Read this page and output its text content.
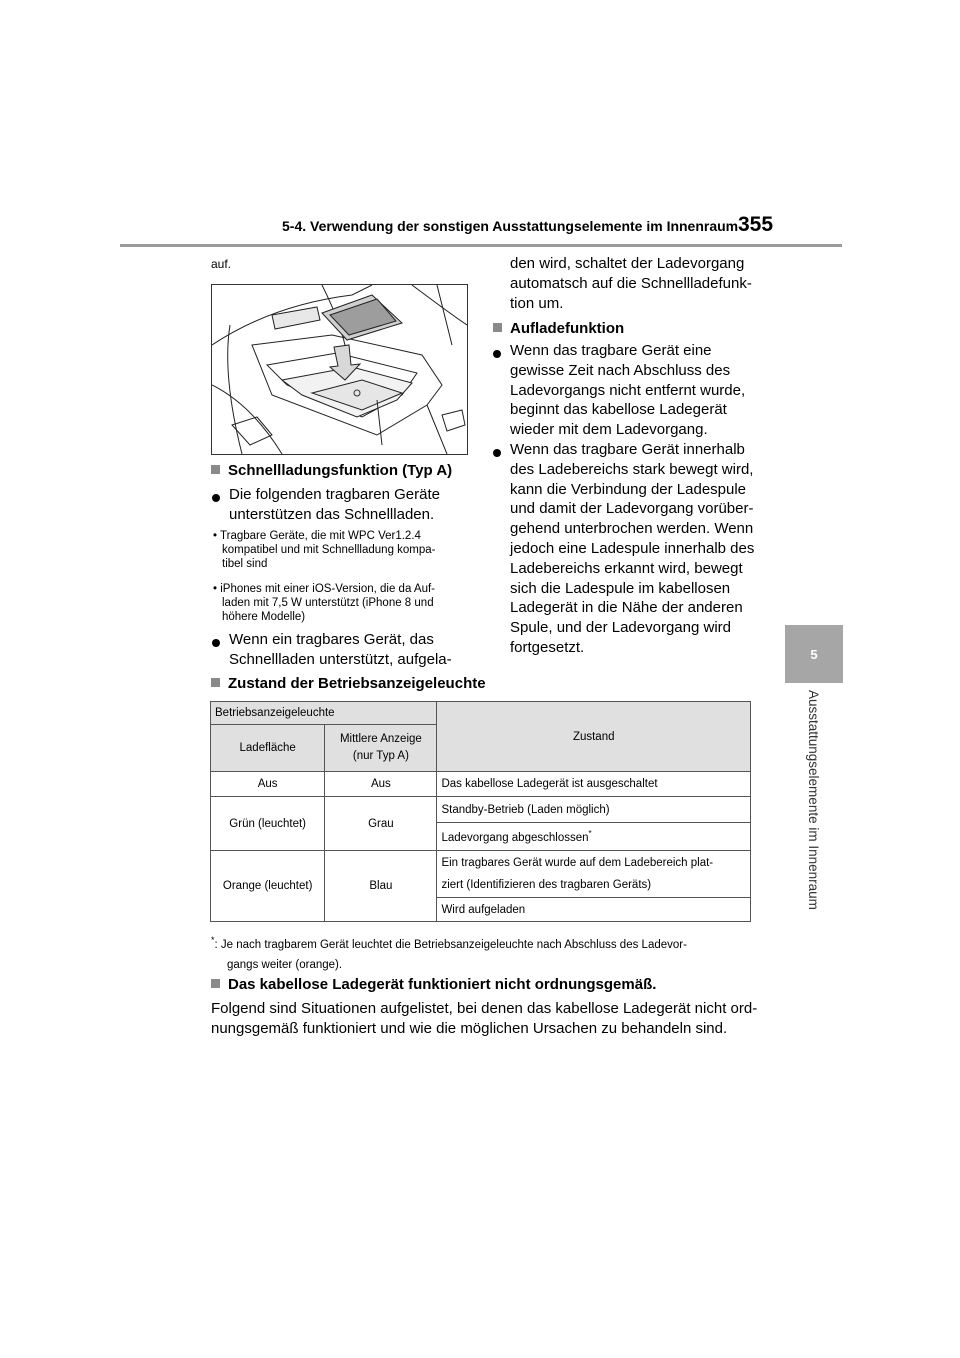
5-4. Verwendung der sonstigen Ausstattungselemente im Innenraum 355
5
Ausstattungselemente im Innenraum
auf.
Schnellladungsfunktion (Typ A)
Die folgenden tragbaren Geräte
unterstützen das Schnellladen.
• Tragbare Geräte, die mit WPC Ver1.2.4
kompatibel und mit Schnellladung kompa-
tibel sind
• iPhones mit einer iOS-Version, die da Auf-
laden mit 7,5 W unterstützt (iPhone 8 und
höhere Modelle)
Wenn ein tragbares Gerät, das
Schnellladen unterstützt, aufgela-
den wird, schaltet der Ladevorgang
automatsch auf die Schnellladefunk-
tion um.
Aufladefunktion
Wenn das tragbare Gerät eine
gewisse Zeit nach Abschluss des
Ladevorgangs nicht entfernt wurde,
beginnt das kabellose Ladegerät
wieder mit dem Ladevorgang.
Wenn das tragbare Gerät innerhalb
des Ladebereichs stark bewegt wird,
kann die Verbindung der Ladespule
und damit der Ladevorgang vorüber-
gehend unterbrochen werden. Wenn
jedoch eine Ladespule innerhalb des
Ladebereichs erkannt wird, bewegt
sich die Ladespule im kabellosen
Ladegerät in die Nähe der anderen
Spule, und der Ladevorgang wird
fortgesetzt.
Zustand der Betriebsanzeigeleuchte
Betriebsanzeigeleuchte		Zustand
Ladefläche	Mittlere Anzeige
(nur Typ A)	

Aus	Aus	Das kabellose Ladegerät ist ausgeschaltet
Grün (leuchtet)	Grau	Standby-Betrieb (Laden möglich)
		Ladevorgang abgeschlossen*
Orange (leuchtet)	Blau	Ein tragbares Gerät wurde auf dem Ladebereich plat-
ziert (Identifizieren des tragbaren Geräts)

		Wird aufgeladen
*: Je nach tragbarem Gerät leuchtet die Betriebsanzeigeleuchte nach Abschluss des Ladevor-
gangs weiter (orange).
Das kabellose Ladegerät funktioniert nicht ordnungsgemäß.
Folgend sind Situationen aufgelistet, bei denen das kabellose Ladegerät nicht ord-
nungsgemäß funktioniert und wie die möglichen Ursachen zu behandeln sind.
